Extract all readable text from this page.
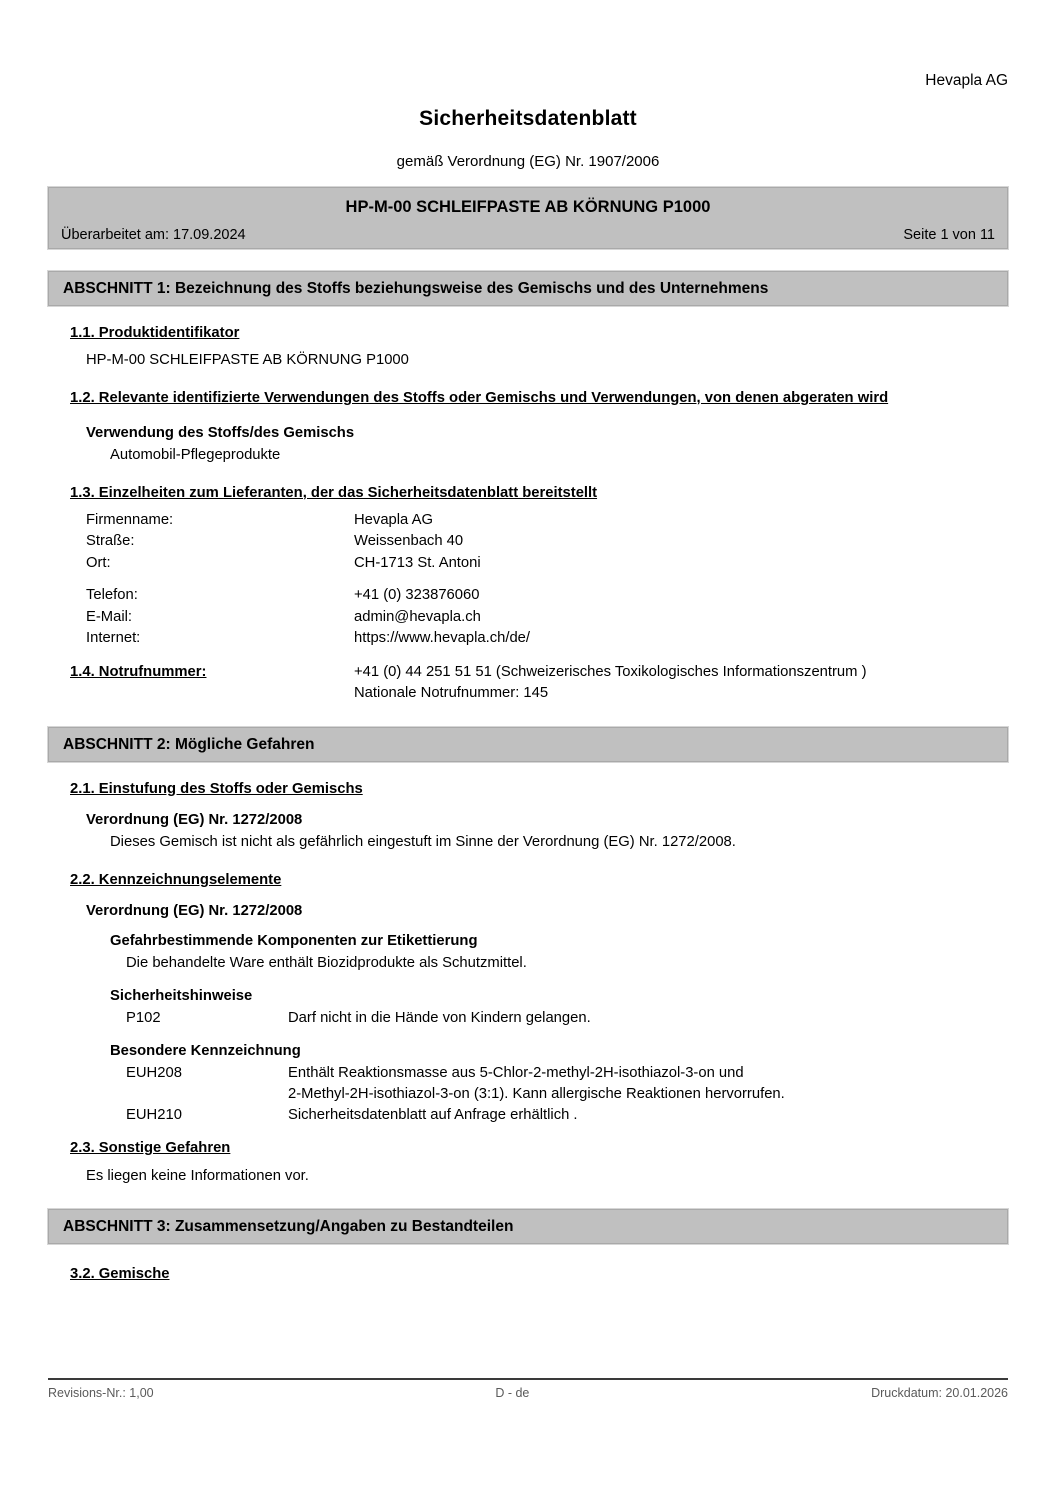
Hevapla AG
Sicherheitsdatenblatt
gemäß Verordnung (EG) Nr. 1907/2006
HP-M-00 SCHLEIFPASTE AB KÖRNUNG P1000
Überarbeitet am: 17.09.2024	Seite 1 von 11
ABSCHNITT 1: Bezeichnung des Stoffs beziehungsweise des Gemischs und des Unternehmens
1.1. Produktidentifikator
HP-M-00 SCHLEIFPASTE AB KÖRNUNG P1000
1.2. Relevante identifizierte Verwendungen des Stoffs oder Gemischs und Verwendungen, von denen abgeraten wird
Verwendung des Stoffs/des Gemischs
Automobil-Pflegeprodukte
1.3. Einzelheiten zum Lieferanten, der das Sicherheitsdatenblatt bereitstellt
Firmenname:	Hevapla AG
Straße:	Weissenbach 40
Ort:	CH-1713 St. Antoni
Telefon:	+41 (0) 323876060
E-Mail:	admin@hevapla.ch
Internet:	https://www.hevapla.ch/de/
1.4. Notrufnummer:	+41 (0) 44 251 51 51 (Schweizerisches Toxikologisches Informationszentrum )
Nationale Notrufnummer: 145
ABSCHNITT 2: Mögliche Gefahren
2.1. Einstufung des Stoffs oder Gemischs
Verordnung (EG) Nr. 1272/2008
Dieses Gemisch ist nicht als gefährlich eingestuft im Sinne der Verordnung (EG) Nr. 1272/2008.
2.2. Kennzeichnungselemente
Verordnung (EG) Nr. 1272/2008
Gefahrbestimmende Komponenten zur Etikettierung
Die behandelte Ware enthält Biozidprodukte als Schutzmittel.
Sicherheitshinweise
P102	Darf nicht in die Hände von Kindern gelangen.
Besondere Kennzeichnung
EUH208	Enthält Reaktionsmasse aus 5-Chlor-2-methyl-2H-isothiazol-3-on und
2-Methyl-2H-isothiazol-3-on (3:1). Kann allergische Reaktionen hervorrufen.
EUH210	Sicherheitsdatenblatt auf Anfrage erhältlich .
2.3. Sonstige Gefahren
Es liegen keine Informationen vor.
ABSCHNITT 3: Zusammensetzung/Angaben zu Bestandteilen
3.2. Gemische
Revisions-Nr.: 1,00	D - de	Druckdatum: 20.01.2026
